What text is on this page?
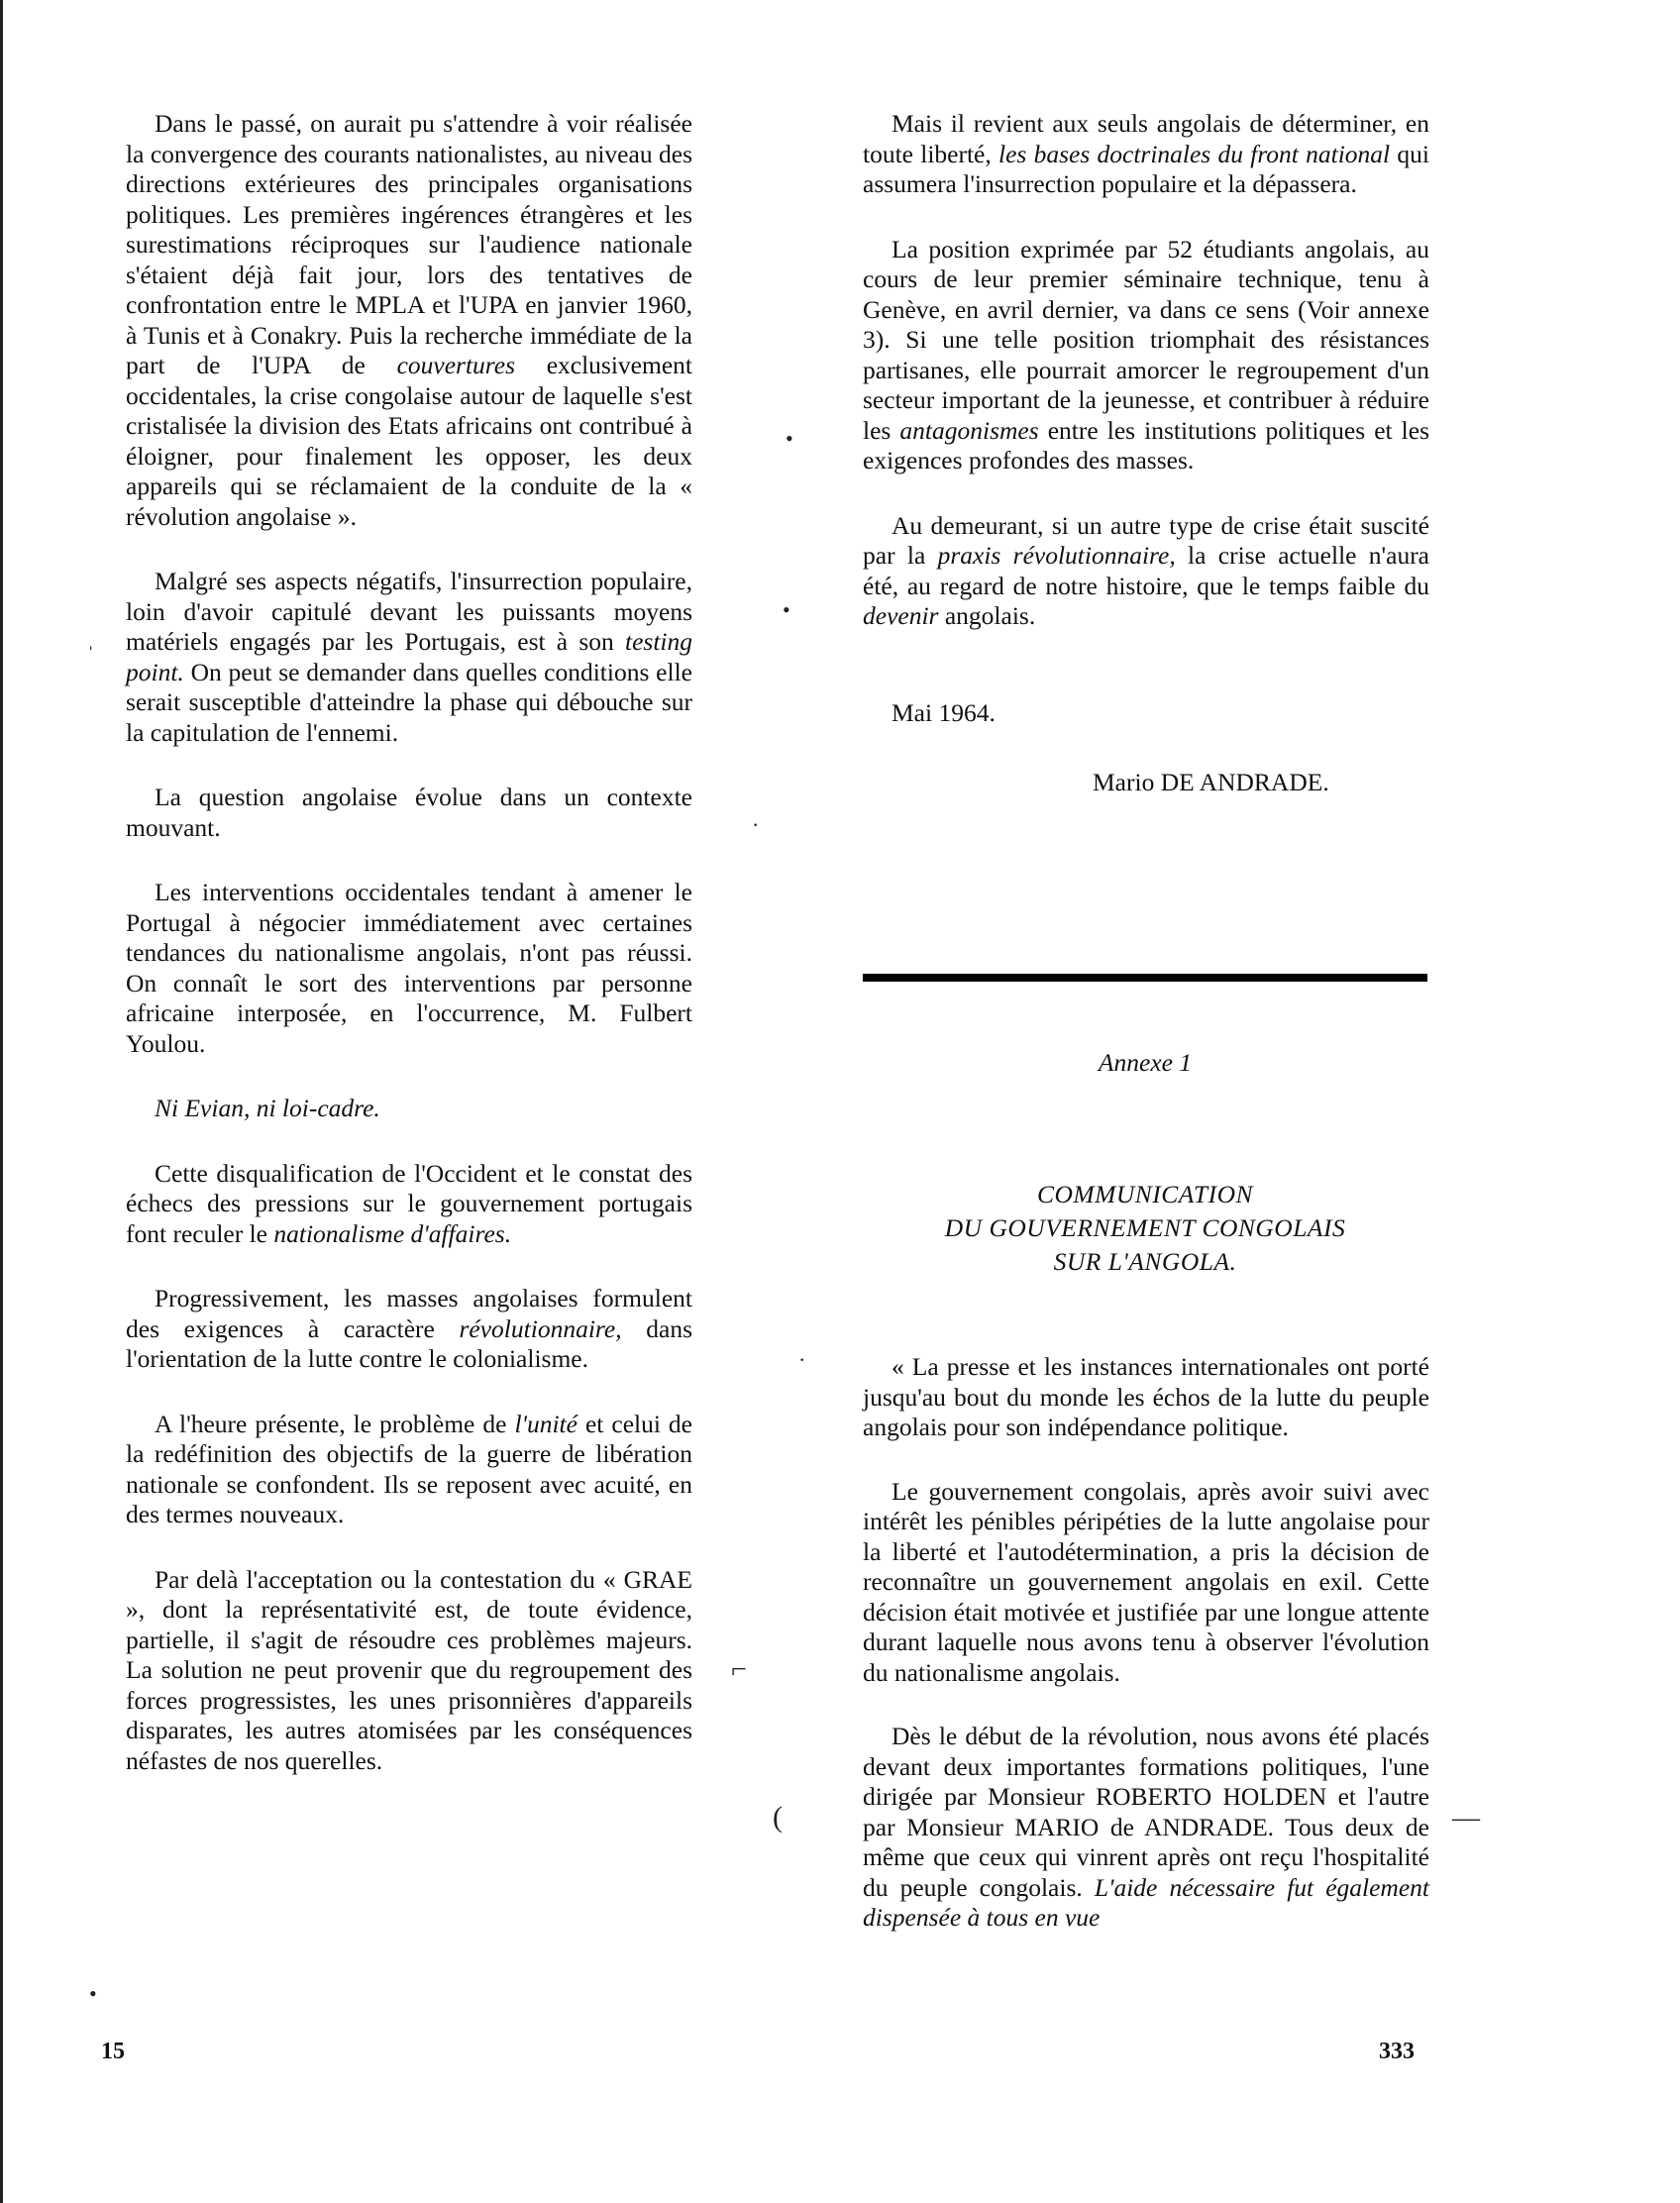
Dans le passé, on aurait pu s'attendre à voir réalisée la convergence des courants nationalistes, au niveau des directions extérieures des principales organisations politiques. Les premières ingérences étrangères et les surestimations réciproques sur l'audience nationale s'étaient déjà fait jour, lors des tentatives de confrontation entre le MPLA et l'UPA en janvier 1960, à Tunis et à Conakry. Puis la recherche immédiate de la part de l'UPA de couvertures exclusivement occidentales, la crise congolaise autour de laquelle s'est cristalisée la division des Etats africains ont contribué à éloigner, pour finalement les opposer, les deux appareils qui se réclamaient de la conduite de la « révolution angolaise ».

Malgré ses aspects négatifs, l'insurrection populaire, loin d'avoir capitulé devant les puissants moyens matériels engagés par les Portugais, est à son testing point. On peut se demander dans quelles conditions elle serait susceptible d'atteindre la phase qui débouche sur la capitulation de l'ennemi.

La question angolaise évolue dans un contexte mouvant.

Les interventions occidentales tendant à amener le Portugal à négocier immédiatement avec certaines tendances du nationalisme angolais, n'ont pas réussi. On connaît le sort des interventions par personne africaine interposée, en l'occurrence, M. Fulbert Youlou.

Ni Evian, ni loi-cadre.

Cette disqualification de l'Occident et le constat des échecs des pressions sur le gouvernement portugais font reculer le nationalisme d'affaires.

Progressivement, les masses angolaises formulent des exigences à caractère révolutionnaire, dans l'orientation de la lutte contre le colonialisme.

A l'heure présente, le problème de l'unité et celui de la redéfinition des objectifs de la guerre de libération nationale se confondent. Ils se reposent avec acuité, en des termes nouveaux.

Par delà l'acceptation ou la contestation du « GRAE », dont la représentativité est, de toute évidence, partielle, il s'agit de résoudre ces problèmes majeurs. La solution ne peut provenir que du regroupement des forces progressistes, les unes prisonnières d'appareils disparates, les autres atomisées par les conséquences néfastes de nos querelles.

Mais il revient aux seuls angolais de déterminer, en toute liberté, les bases doctrinales du front national qui assumera l'insurrection populaire et la dépassera.

La position exprimée par 52 étudiants angolais, au cours de leur premier séminaire technique, tenu à Genève, en avril dernier, va dans ce sens (Voir annexe 3). Si une telle position triomphait des résistances partisanes, elle pourrait amorcer le regroupement d'un secteur important de la jeunesse, et contribuer à réduire les antagonismes entre les institutions politiques et les exigences profondes des masses.

Au demeurant, si un autre type de crise était suscité par la praxis révolutionnaire, la crise actuelle n'aura été, au regard de notre histoire, que le temps faible du devenir angolais.

Mai 1964.

Mario DE ANDRADE.

Annexe 1
COMMUNICATION
DU GOUVERNEMENT CONGOLAIS
SUR L'ANGOLA.

« La presse et les instances internationales ont porté jusqu'au bout du monde les échos de la lutte du peuple angolais pour son indépendance politique.

Le gouvernement congolais, après avoir suivi avec intérêt les pénibles péripéties de la lutte angolaise pour la liberté et l'autodétermination, a pris la décision de reconnaître un gouvernement angolais en exil. Cette décision était motivée et justifiée par une longue attente durant laquelle nous avons tenu à observer l'évolution du nationalisme angolais.

Dès le début de la révolution, nous avons été placés devant deux importantes formations politiques, l'une dirigée par Monsieur ROBERTO HOLDEN et l'autre par Monsieur MARIO de ANDRADE. Tous deux de même que ceux qui vinrent après ont reçu l'hospitalité du peuple congolais. L'aide nécessaire fut également dispensée à tous en vue

ˈ
•
•
·
⌐
(	—
·
•
15	333
